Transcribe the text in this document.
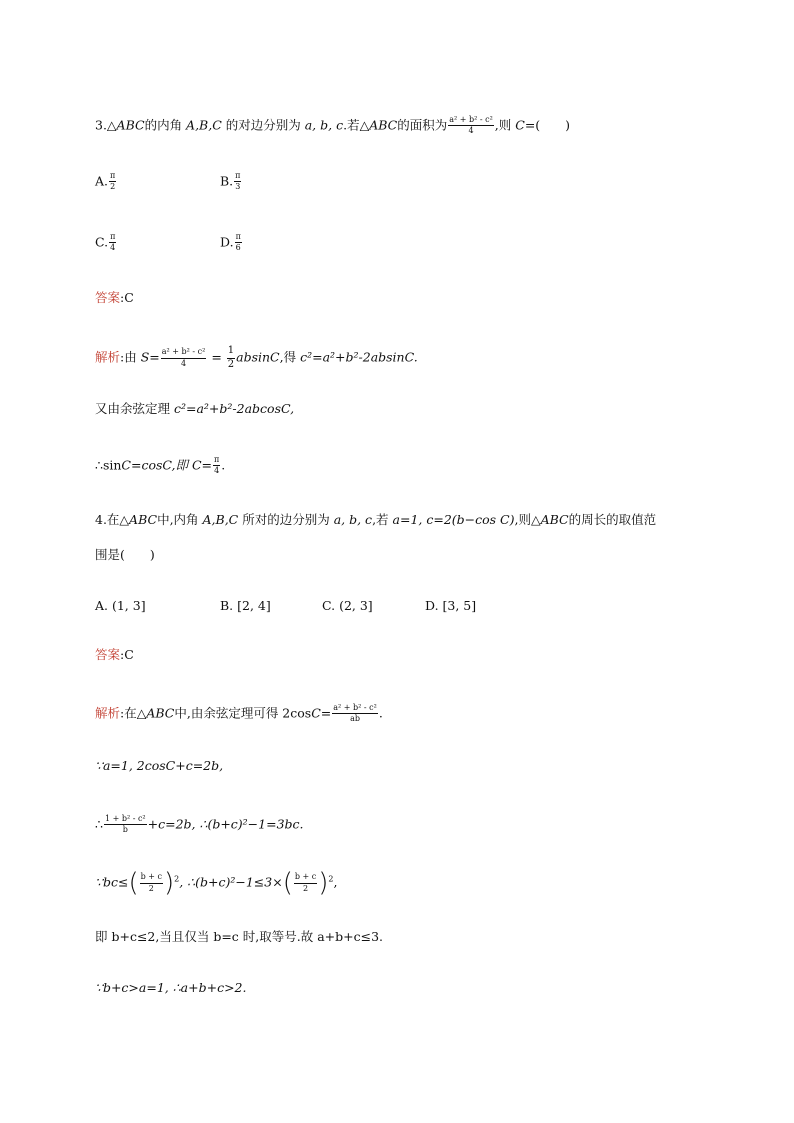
3.△ABC的内角 A,B,C 的对边分别为 a, b, c.若△ABC的面积为 $\frac{\text{a² + b² - c²}}{4}$ ,则 C=(　　)
A. $\frac{\pi}{2}$	B. $\frac{\pi}{3}$
C. $\frac{\pi}{4}$	D. $\frac{\pi}{6}$
答案:C
解析:由 $S= \frac{\text{a² + b² - c²}}{4} = \frac{1}{2} absinC$,得 c²=a²+b²-2absinC.
又由余弦定理 c²=a²+b²-2abcosC,
∴sinC=cosC,即 $C= \frac{\pi}{4}$ .
4.在△ABC中,内角 A,B,C 所对的边分别为 a, b, c,若 a=1, c=2(b−cos C),则△ABC的周长的取值范
围是(　　)
A. (1, 3]	B. [2, 4]	C. (2, 3]	D. [3, 5]
答案:C
解析:在△ABC中,由余弦定理可得 $2\cos C= \frac{\text{a² + b² - c²}}{ab}$ .
∵a=1, 2cosC+c=2b,
∴ $\frac{\text{1 + b² - c²}}{b} +c=2b$, ∴(b+c)²−1=3bc.
∵bc≤( $\frac{b + c}{2} )^2$, ∴(b+c)²−1≤3×( $\frac{b + c}{2} )^2$,
即 b+c≤2,当且仅当 b=c 时,取等号.故 a+b+c≤3.
∵b+c>a=1, ∴a+b+c>2.
